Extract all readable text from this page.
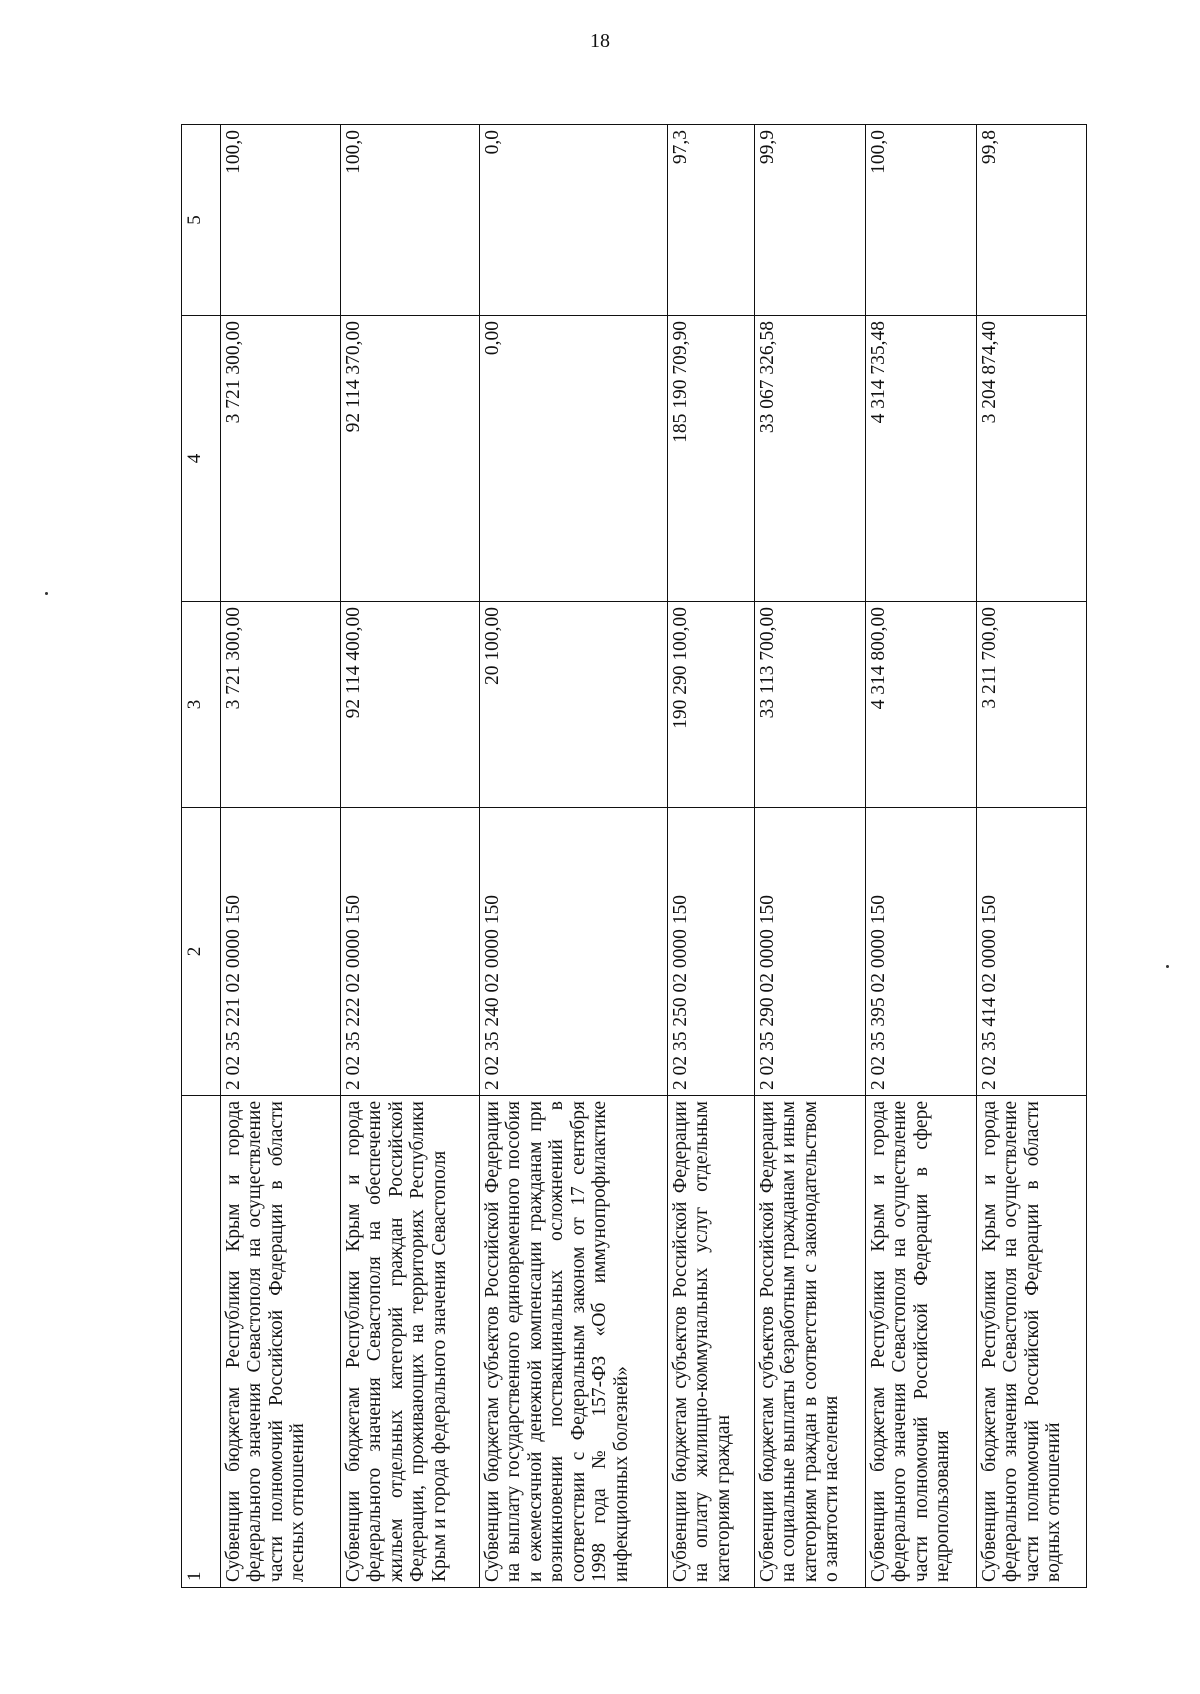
18
1	2	3	4	5
Субвенции бюджетам Республики Крым и города федерального значения Севастополя на осуществление части полномочий Российской Федерации в области лесных отношений	2 02 35 221 02 0000 150	3 721 300,00	3 721 300,00	100,0
Субвенции бюджетам Республики Крым и города федерального значения Севастополя на обеспечение жильем отдельных категорий граждан Российской Федерации, проживающих на территориях Республики Крым и города федерального значения Севастополя	2 02 35 222 02 0000 150	92 114 400,00	92 114 370,00	100,0
Субвенции бюджетам субъектов Российской Федерации на выплату государственного единовременного пособия и ежемесячной денежной компенсации гражданам при возникновении поствакцинальных осложнений в соответствии с Федеральным законом от 17 сентября 1998 года № 157-ФЗ «Об иммунопрофилактике инфекционных болезней»	2 02 35 240 02 0000 150	20 100,00	0,00	0,0
Субвенции бюджетам субъектов Российской Федерации на оплату жилищно-коммунальных услуг отдельным категориям граждан	2 02 35 250 02 0000 150	190 290 100,00	185 190 709,90	97,3
Субвенции бюджетам субъектов Российской Федерации на социальные выплаты безработным гражданам и иным категориям граждан в соответствии с законодательством о занятости населения	2 02 35 290 02 0000 150	33 113 700,00	33 067 326,58	99,9
Субвенции бюджетам Республики Крым и города федерального значения Севастополя на осуществление части полномочий Российской Федерации в сфере недропользования	2 02 35 395 02 0000 150	4 314 800,00	4 314 735,48	100,0
Субвенции бюджетам Республики Крым и города федерального значения Севастополя на осуществление части полномочий Российской Федерации в области водных отношений	2 02 35 414 02 0000 150	3 211 700,00	3 204 874,40	99,8
